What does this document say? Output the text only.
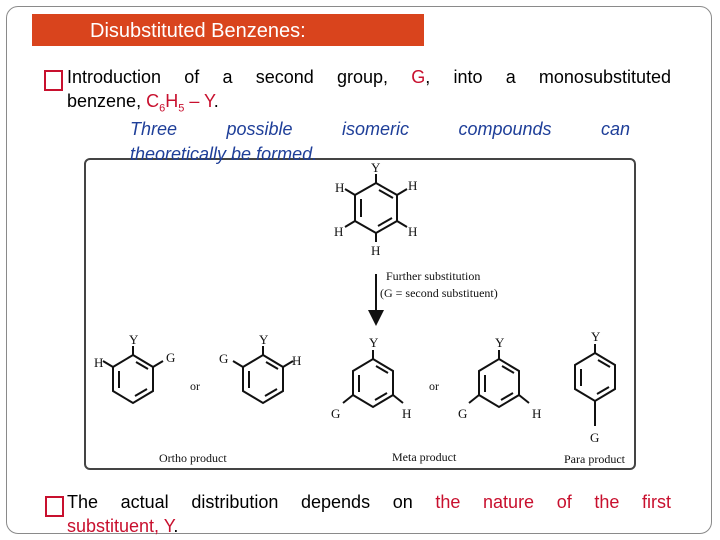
Disubstituted Benzenes:
Introduction of a second group, G, into a monosubstituted
benzene, $C_6H_5$ – Y.
Three possible isomeric compounds can
Y
H
H
H
H
H
Further substitution
(G = second substituent)
Y
G
H
Y
H
G
or
Y
H
G
Y
H
G
or
Y
G
Ortho product	Meta product	Para product
theoretically be formed.
The actual distribution depends on the nature of the first
substituent, Y.
